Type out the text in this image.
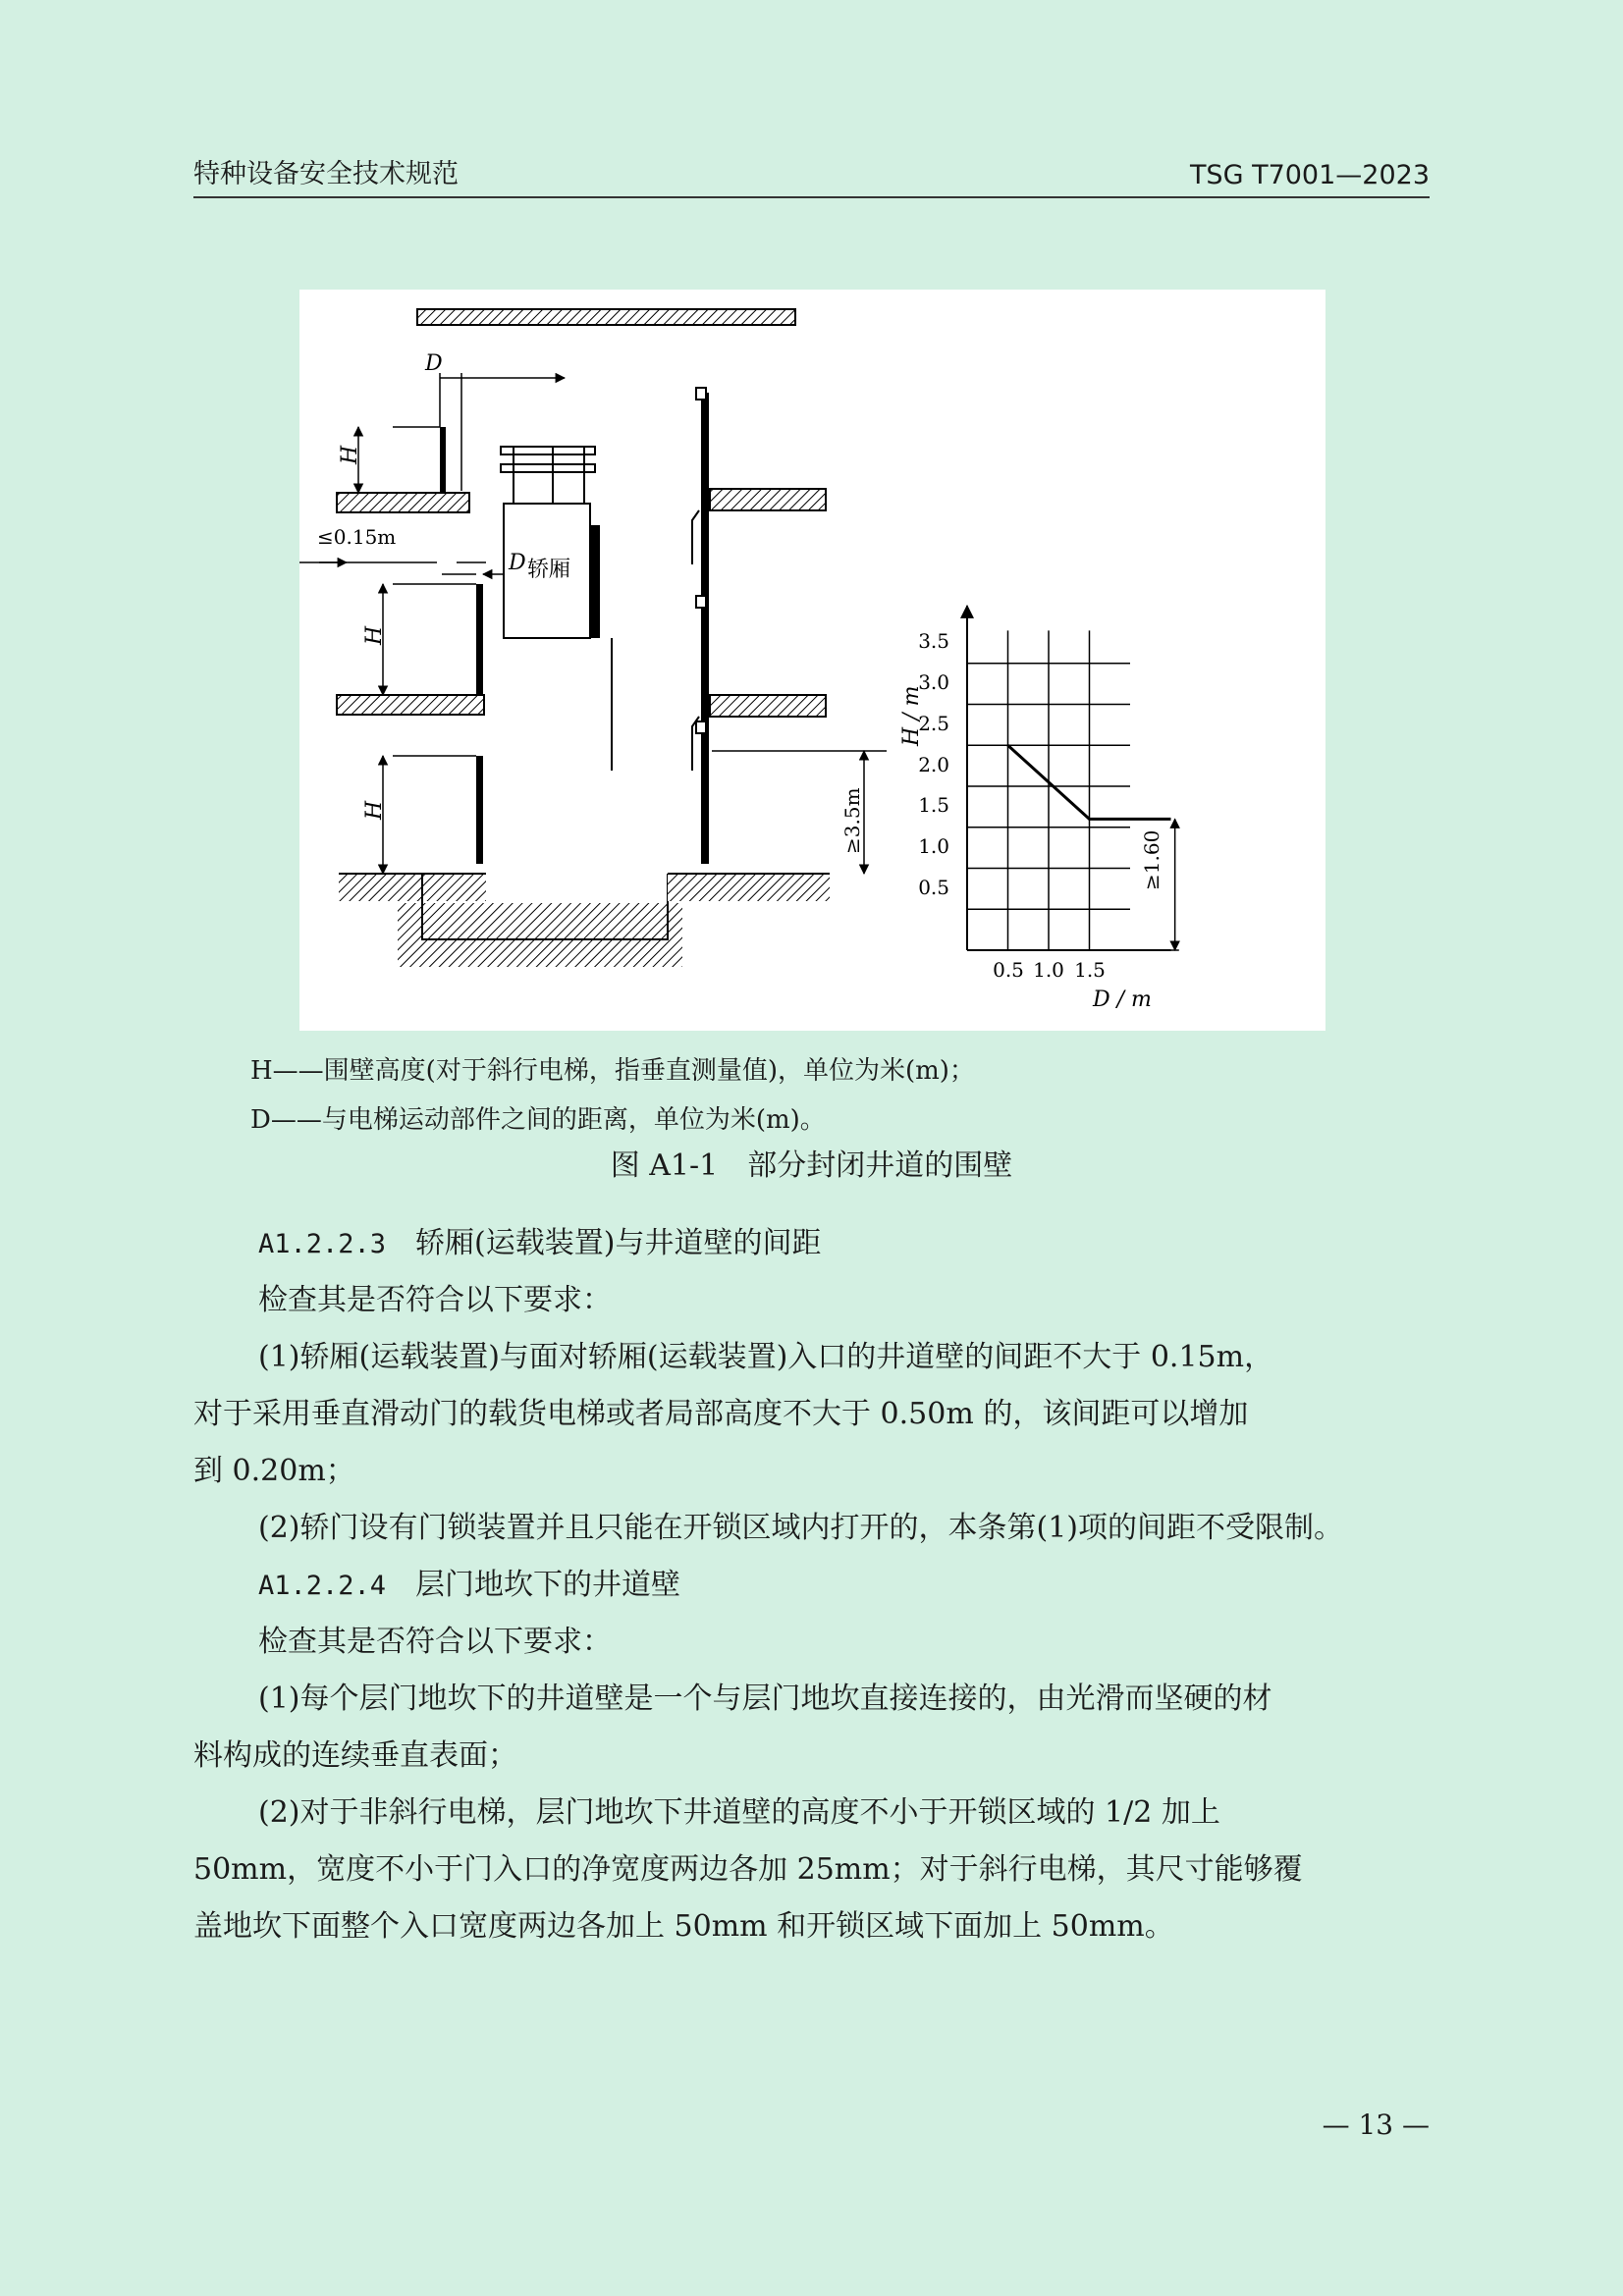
特种设备安全技术规范	TSG T7001—2023
轿厢
H
H
H
D
≤0.15m
D
≥3.5m
H / m
D / m
0.5 1.0 1.5
3.5
3.0
2.5
2.0
1.5
1.0
0.5	≥1.60
H——围壁高度(对于斜行电梯，指垂直测量值)，单位为米(m)；
D——与电梯运动部件之间的距离，单位为米(m)。
图 A1-1　部分封闭井道的围壁
A1.2.2.3　 轿厢(运载装置)与井道壁的间距
检查其是否符合以下要求：
(1)轿厢(运载装置)与面对轿厢(运载装置)入口的井道壁的间距不大于 0.15m，
对于采用垂直滑动门的载货电梯或者局部高度不大于 0.50m 的，该间距可以增加
到 0.20m；
(2)轿门设有门锁装置并且只能在开锁区域内打开的，本条第(1)项的间距不受限制。
A1.2.2.4　 层门地坎下的井道壁
检查其是否符合以下要求：
(1)每个层门地坎下的井道壁是一个与层门地坎直接连接的，由光滑而坚硬的材
料构成的连续垂直表面；
(2)对于非斜行电梯，层门地坎下井道壁的高度不小于开锁区域的 1/2 加上
50mm，宽度不小于门入口的净宽度两边各加 25mm；对于斜行电梯，其尺寸能够覆
盖地坎下面整个入口宽度两边各加上 50mm 和开锁区域下面加上 50mm。
— 13 —
